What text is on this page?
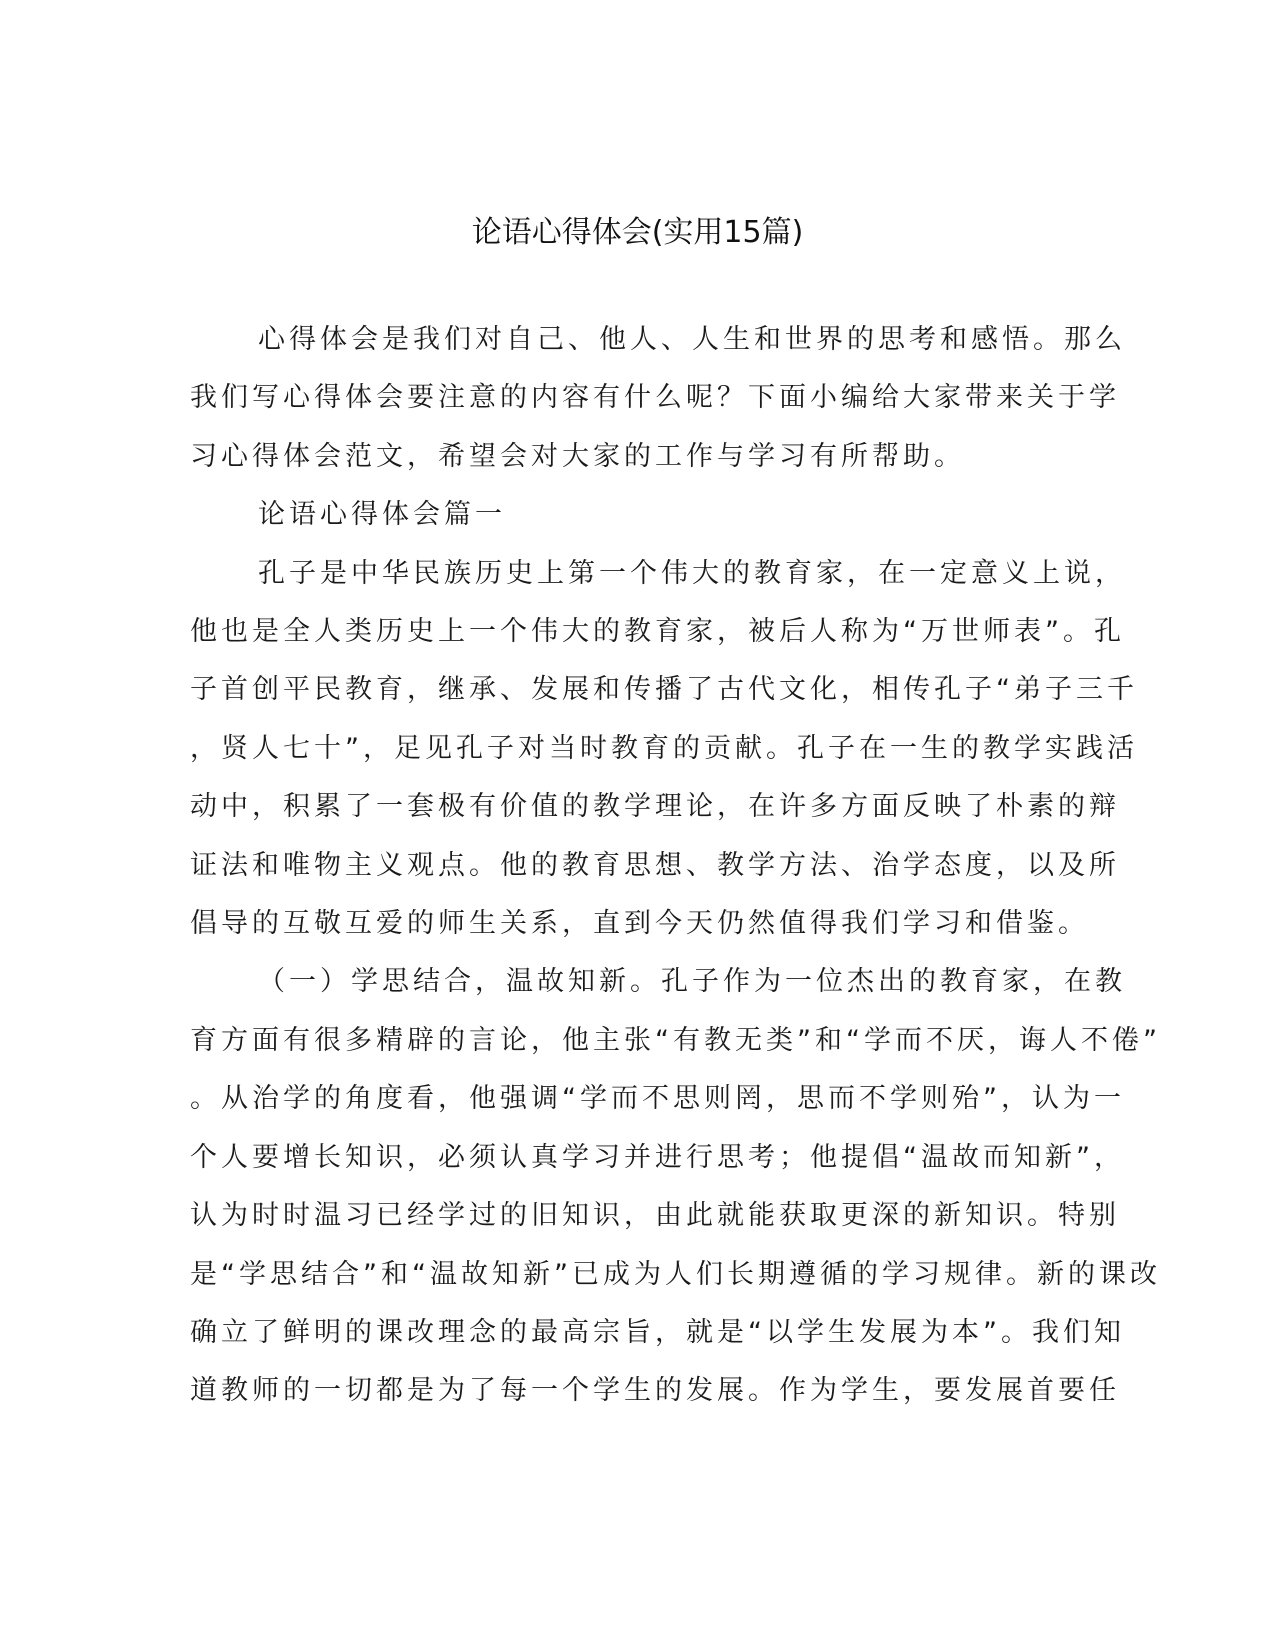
论语心得体会(实用15篇)
心得体会是我们对自己、他人、人生和世界的思考和感悟。那么
我们写心得体会要注意的内容有什么呢？下面小编给大家带来关于学
习心得体会范文，希望会对大家的工作与学习有所帮助。
论语心得体会篇一
孔子是中华民族历史上第一个伟大的教育家，在一定意义上说，
他也是全人类历史上一个伟大的教育家，被后人称为“万世师表”。孔
子首创平民教育，继承、发展和传播了古代文化，相传孔子“弟子三千
，贤人七十”，足见孔子对当时教育的贡献。孔子在一生的教学实践活
动中，积累了一套极有价值的教学理论，在许多方面反映了朴素的辩
证法和唯物主义观点。他的教育思想、教学方法、治学态度，以及所
倡导的互敬互爱的师生关系，直到今天仍然值得我们学习和借鉴。
（一）学思结合，温故知新。孔子作为一位杰出的教育家，在教
育方面有很多精辟的言论，他主张“有教无类”和“学而不厌，诲人不倦”
。从治学的角度看，他强调“学而不思则罔，思而不学则殆”，认为一
个人要增长知识，必须认真学习并进行思考；他提倡“温故而知新”，
认为时时温习已经学过的旧知识，由此就能获取更深的新知识。特别
是“学思结合”和“温故知新”已成为人们长期遵循的学习规律。新的课改
确立了鲜明的课改理念的最高宗旨，就是“以学生发展为本”。我们知
道教师的一切都是为了每一个学生的发展。作为学生，要发展首要任
